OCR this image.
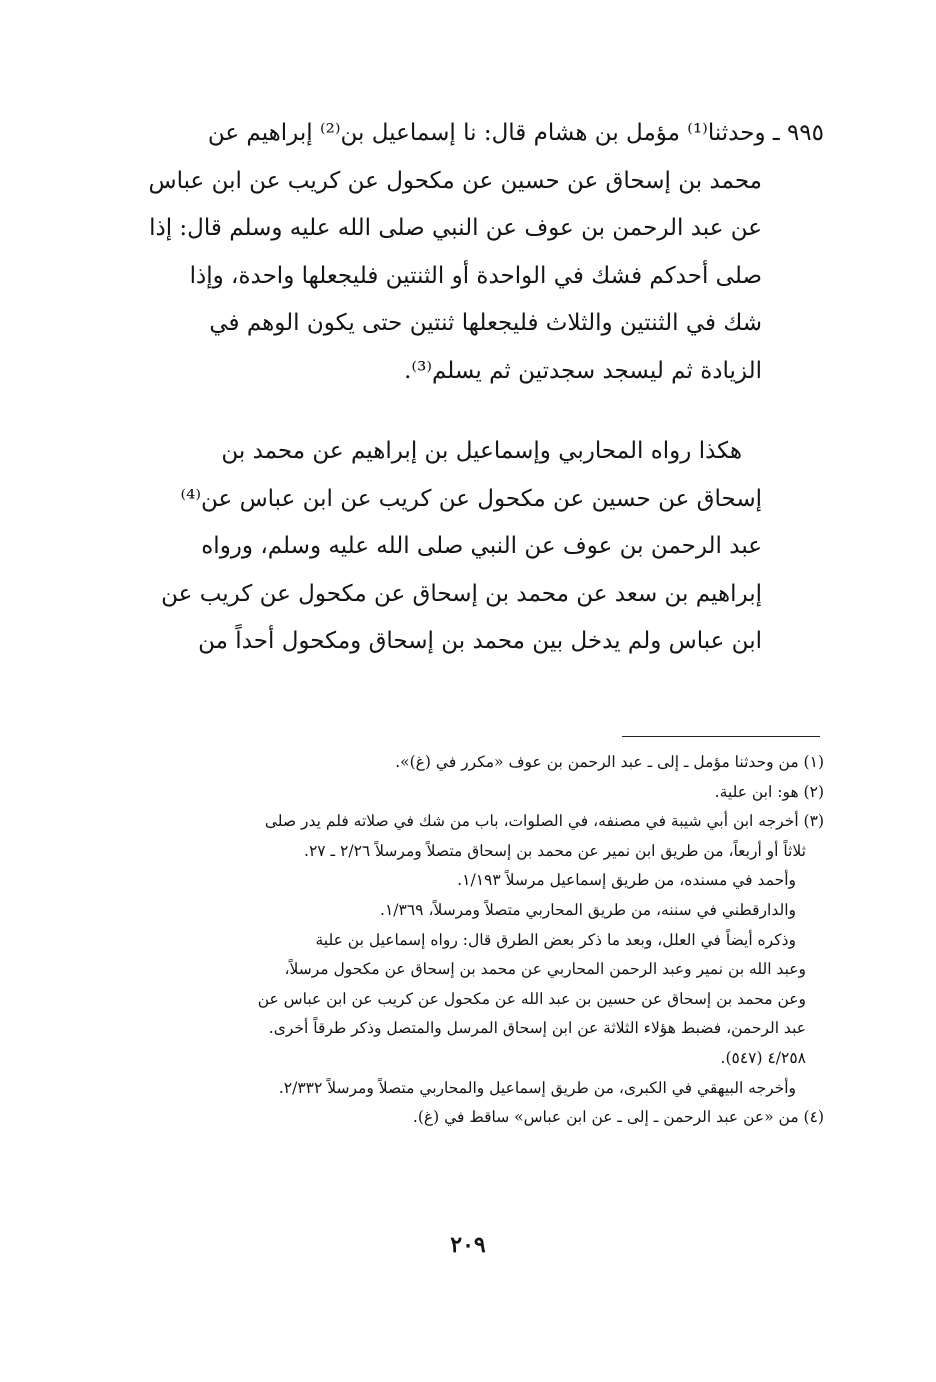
٩٩٥ ـ وحدثنا⁽¹⁾ مؤمل بن هشام قال: نا إسماعيل بن⁽²⁾ إبراهيم عن
محمد بن إسحاق عن حسين عن مكحول عن كريب عن ابن عباس
عن عبد الرحمن بن عوف عن النبي صلى الله عليه وسلم قال: إذا
صلى أحدكم فشك في الواحدة أو الثنتين فليجعلها واحدة، وإذا
شك في الثنتين والثلاث فليجعلها ثنتين حتى يكون الوهم في
الزيادة ثم ليسجد سجدتين ثم يسلم⁽³⁾.
هكذا رواه المحاربي وإسماعيل بن إبراهيم عن محمد بن
إسحاق عن حسين عن مكحول عن كريب عن ابن عباس عن⁽⁴⁾
عبد الرحمن بن عوف عن النبي صلى الله عليه وسلم، ورواه
إبراهيم بن سعد عن محمد بن إسحاق عن مكحول عن كريب عن
ابن عباس ولم يدخل بين محمد بن إسحاق ومكحول أحداً من
(١) من وحدثنا مؤمل ـ إلى ـ عبد الرحمن بن عوف «مكرر في (غ)».
(٢) هو: ابن علية.
(٣) أخرجه ابن أبي شيبة في مصنفه، في الصلوات، باب من شك في صلاته فلم يدر صلى
ثلاثاً أو أربعاً، من طريق ابن نمير عن محمد بن إسحاق متصلاً ومرسلاً ٢/٢٦ ـ ٢٧.
وأحمد في مسنده، من طريق إسماعيل مرسلاً ١/١٩٣.
والدارقطني في سننه، من طريق المحاربي متصلاً ومرسلاً، ١/٣٦٩.
وذكره أيضاً في العلل، وبعد ما ذكر بعض الطرق قال: رواه إسماعيل بن علية
وعبد الله بن نمير وعبد الرحمن المحاربي عن محمد بن إسحاق عن مكحول مرسلاً،
وعن محمد بن إسحاق عن حسين بن عبد الله عن مكحول عن كريب عن ابن عباس عن
عبد الرحمن، فضبط هؤلاء الثلاثة عن ابن إسحاق المرسل والمتصل وذكر طرقاً أخرى.
٤/٢٥٨ (٥٤٧).
وأخرجه البيهقي في الكبرى، من طريق إسماعيل والمحاربي متصلاً ومرسلاً ٢/٣٣٢.
(٤) من «عن عبد الرحمن ـ إلى ـ عن ابن عباس» ساقط في (غ).
٢٠٩
